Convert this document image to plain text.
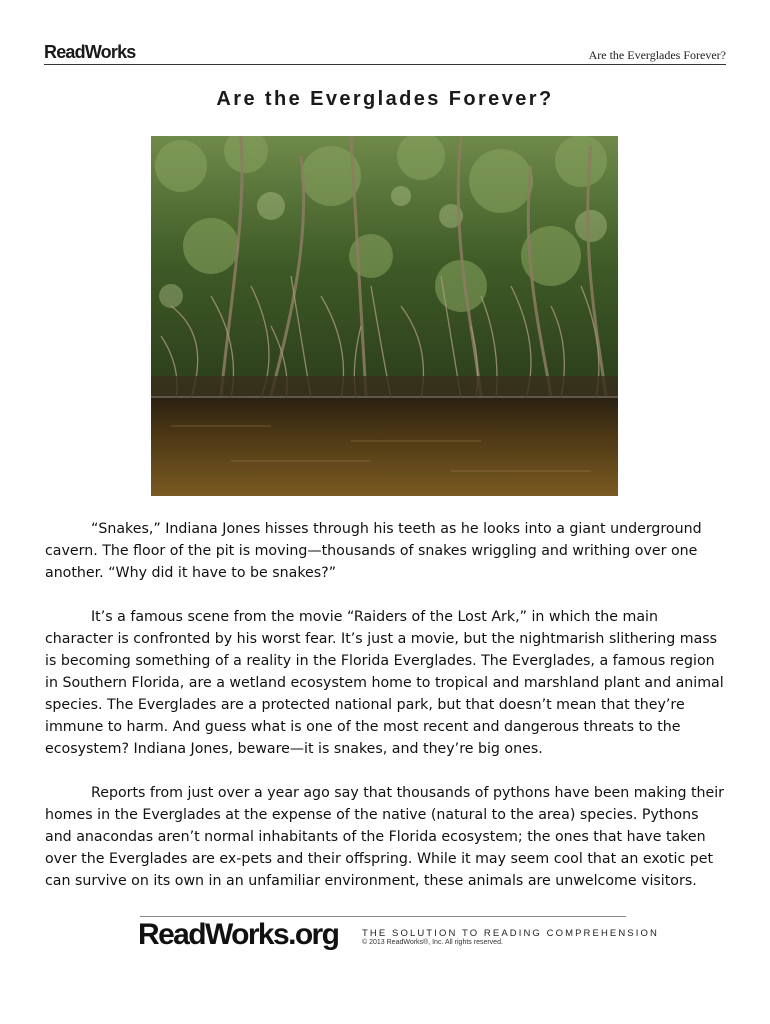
ReadWorks	Are the Everglades Forever?
Are the Everglades Forever?

“Snakes,” Indiana Jones hisses through his teeth as he looks into a giant underground cavern. The floor of the pit is moving—thousands of snakes wriggling and writhing over one another. “Why did it have to be snakes?”

It’s a famous scene from the movie “Raiders of the Lost Ark,” in which the main character is confronted by his worst fear. It’s just a movie, but the nightmarish slithering mass is becoming something of a reality in the Florida Everglades. The Everglades, a famous region in Southern Florida, are a wetland ecosystem home to tropical and marshland plant and animal species. The Everglades are a protected national park, but that doesn’t mean that they’re immune to harm. And guess what is one of the most recent and dangerous threats to the ecosystem? Indiana Jones, beware—it is snakes, and they’re big ones.

Reports from just over a year ago say that thousands of pythons have been making their homes in the Everglades at the expense of the native (natural to the area) species. Pythons and anacondas aren’t normal inhabitants of the Florida ecosystem; the ones that have taken over the Everglades are ex-pets and their offspring. While it may seem cool that an exotic pet can survive on its own in an unfamiliar environment, these animals are unwelcome visitors.

ReadWorks.org THE SOLUTION TO READING COMPREHENSION
© 2013 ReadWorks®, Inc. All rights reserved.
